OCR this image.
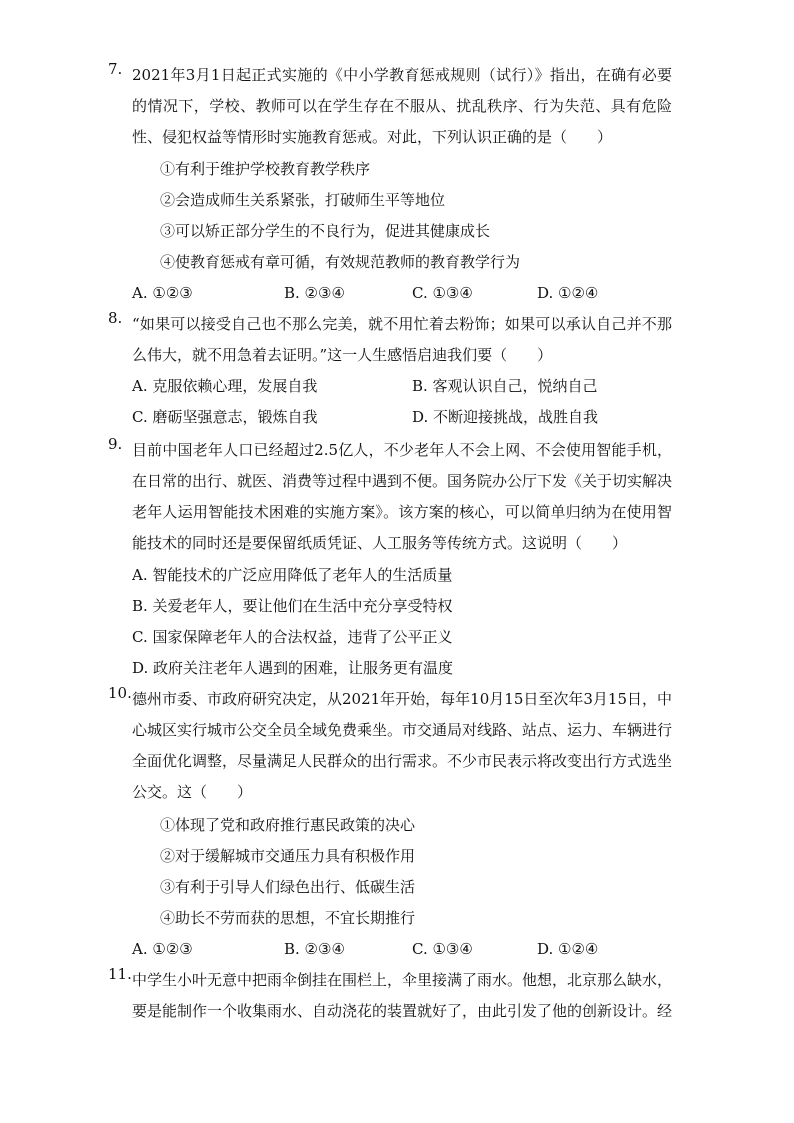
7. 2021年3月1日起正式实施的《中小学教育惩戒规则（试行）》指出，在确有必要的情况下，学校、教师可以在学生存在不服从、扰乱秩序、行为失范、具有危险性、侵犯权益等情形时实施教育惩戒。对此，下列认识正确的是（　　）
①有利于维护学校教育教学秩序
②会造成师生关系紧张，打破师生平等地位
③可以矫正部分学生的不良行为，促进其健康成长
④使教育惩戒有章可循，有效规范教师的教育教学行为
A. ①②③	B. ②③④	C. ①③④	D. ①②④
8. “如果可以接受自己也不那么完美，就不用忙着去粉饰；如果可以承认自己并不那么伟大，就不用急着去证明。”这一人生感悟启迪我们要（　　）
A. 克服依赖心理，发展自我	B. 客观认识自己，悦纳自己
C. 磨砺坚强意志，锻炼自我	D. 不断迎接挑战，战胜自我
9. 目前中国老年人口已经超过2.5亿人，不少老年人不会上网、不会使用智能手机，在日常的出行、就医、消费等过程中遇到不便。国务院办公厅下发《关于切实解决老年人运用智能技术困难的实施方案》。该方案的核心，可以简单归纳为在使用智能技术的同时还是要保留纸质凭证、人工服务等传统方式。这说明（　　）
A. 智能技术的广泛应用降低了老年人的生活质量
B. 关爱老年人，要让他们在生活中充分享受特权
C. 国家保障老年人的合法权益，违背了公平正义
D. 政府关注老年人遇到的困难，让服务更有温度
10. 德州市委、市政府研究决定，从2021年开始，每年10月15日至次年3月15日，中心城区实行城市公交全员全域免费乘坐。市交通局对线路、站点、运力、车辆进行全面优化调整，尽量满足人民群众的出行需求。不少市民表示将改变出行方式选坐公交。这（　　）
①体现了党和政府推行惠民政策的决心
②对于缓解城市交通压力具有积极作用
③有利于引导人们绿色出行、低碳生活
④助长不劳而获的思想，不宜长期推行
A. ①②③	B. ②③④	C. ①③④	D. ①②④
11. 中学生小叶无意中把雨伞倒挂在围栏上，伞里接满了雨水。他想，北京那么缺水，要是能制作一个收集雨水、自动浇花的装置就好了，由此引发了他的创新设计。经
